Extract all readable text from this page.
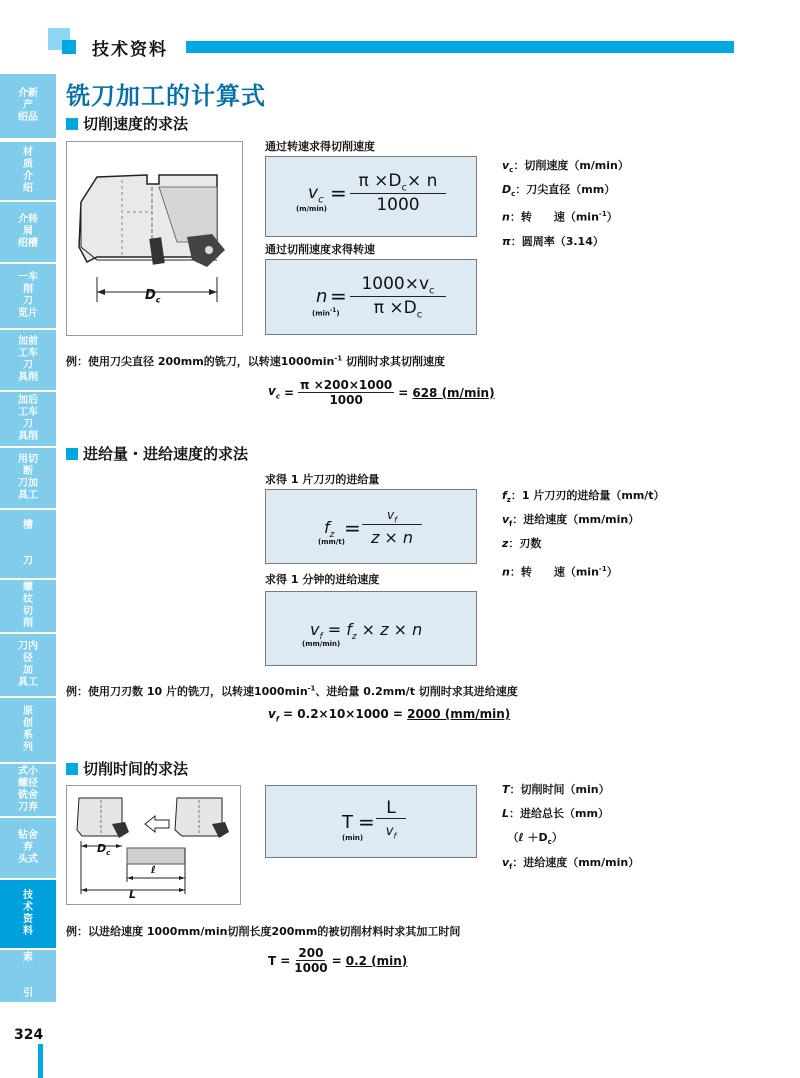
技术资料
介新
产
绍品
材
质
介
绍
介转
屑
绍槽
一车
削
刀
览片
加前
工车
刀
具削
加后
工车
刀
具削
用切
断
刀加
具工
槽

刀
螺
纹
切
削
刀内
径
加
具工
原
创
系
列
式小
螺径
铣舍
刀弃
钻舍
弃
头式
技
术
资
料
索

引
324
铣刀加工的计算式
切削速度的求法
$D_c$
通过转速求得切削速度
$v_c$
(m/min)
= $\pi \times D_c\times n$
1000
通过切削速度求得转速
n
$(\min^{-1})$
= $1000\times v_c$
$\pi \times D_c$
$v_c$：切削速度（m/min）
$D_c$：刀尖直径（mm）
n：转　　速$(\min^{-1})$
π：圆周率（3.14）
例：使用刀尖直径 200mm的铣刀，以转速$1000\min^{-1}$ 切削时求其切削速度
$v_c = \frac{\pi \times 200\times 1000}{1000} = 628$ (m/min)
进给量・进给速度的求法
求得 1 片刀刃的进给量
$f_z$
(mm/t)
=
$v_f$
z × n
求得 1 分钟的进给速度
$v_f = f_z \times z \times n$
(mm/min)
$f_z$：1 片刀刃的进给量（mm/t）
$v_f$：进给速度（mm/min）
z：刃数
n：转　　速$(\min^{-1})$
例：使用刀刃数 10 片的铣刀，以转速$1000\min^{-1}$、进给量 0.2mm/t 切削时求其进给速度
$v_f = 0.2\times 10\times 1000 = 2000$ (mm/min)
切削时间的求法
$D_c$
ℓ
L
T
(min)
=
L
$v_f$
T：切削时间（min）
L：进给总长（mm）
　（ℓ $+D_c$）
$v_f$：进给速度（mm/min）
例：以进给速度 1000mm/min切削长度200mm的被切削材料时求其加工时间
$T = \frac{200}{1000} = 0.2$ (min)
